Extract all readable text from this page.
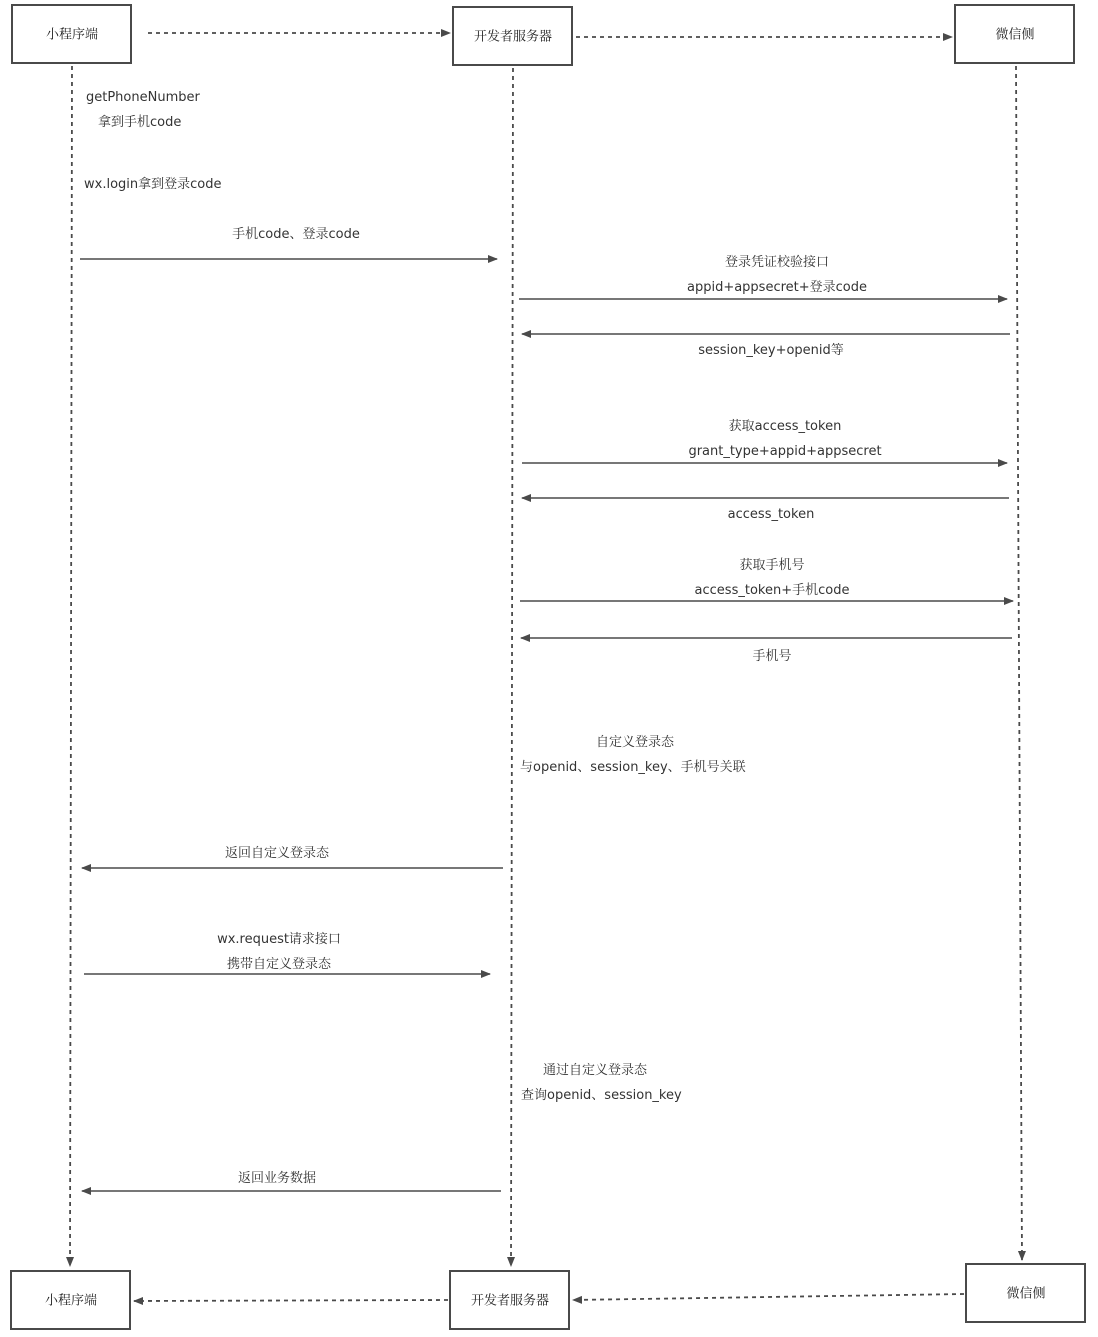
小程序端	开发者服务器	微信侧
小程序端	开发者服务器	微信侧
getPhoneNumber
拿到手机code
wx.login拿到登录code
手机code、登录code
登录凭证校验接口
appid+appsecret+登录code
session_key+openid等
获取access_token
grant_type+appid+appsecret
access_token
获取手机号
access_token+手机code
手机号
自定义登录态
与openid、session_key、手机号关联
返回自定义登录态
wx.request请求接口
携带自定义登录态
通过自定义登录态
查询openid、session_key
返回业务数据
